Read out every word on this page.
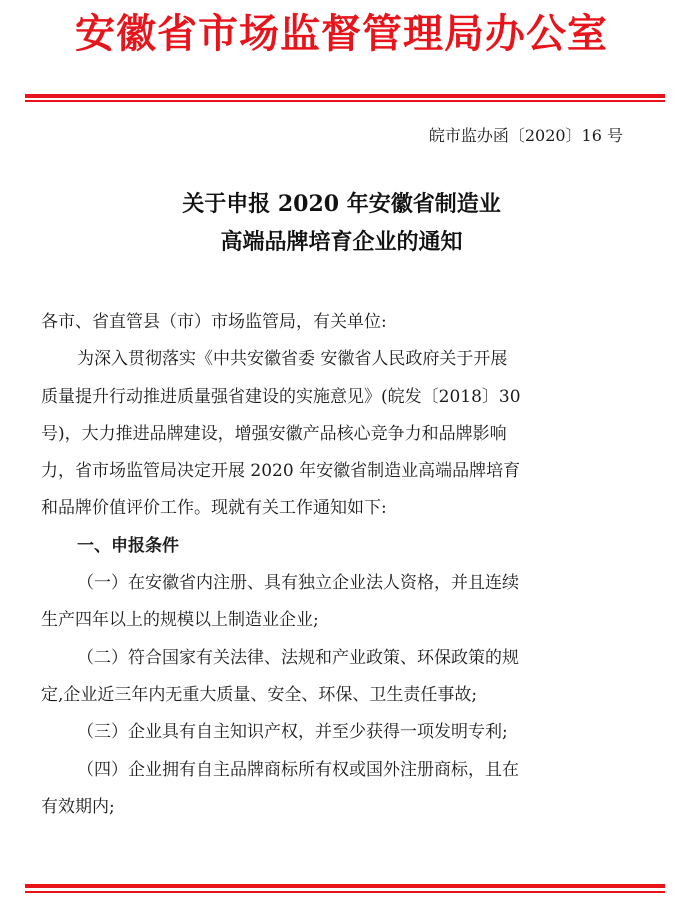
安徽省市场监督管理局办公室
皖市监办函〔2020〕16 号
关于申报 2020 年安徽省制造业
高端品牌培育企业的通知
各市、省直管县（市）市场监管局，有关单位:
为深入贯彻落实《中共安徽省委 安徽省人民政府关于开展
质量提升行动推进质量强省建设的实施意见》(皖发〔2018〕30
号)，大力推进品牌建设，增强安徽产品核心竞争力和品牌影响
力，省市场监管局决定开展 2020 年安徽省制造业高端品牌培育
和品牌价值评价工作。现就有关工作通知如下:
一、申报条件
（一）在安徽省内注册、具有独立企业法人资格，并且连续
生产四年以上的规模以上制造业企业;
（二）符合国家有关法律、法规和产业政策、环保政策的规
定,企业近三年内无重大质量、安全、环保、卫生责任事故;
（三）企业具有自主知识产权，并至少获得一项发明专利;
（四）企业拥有自主品牌商标所有权或国外注册商标，且在
有效期内;
